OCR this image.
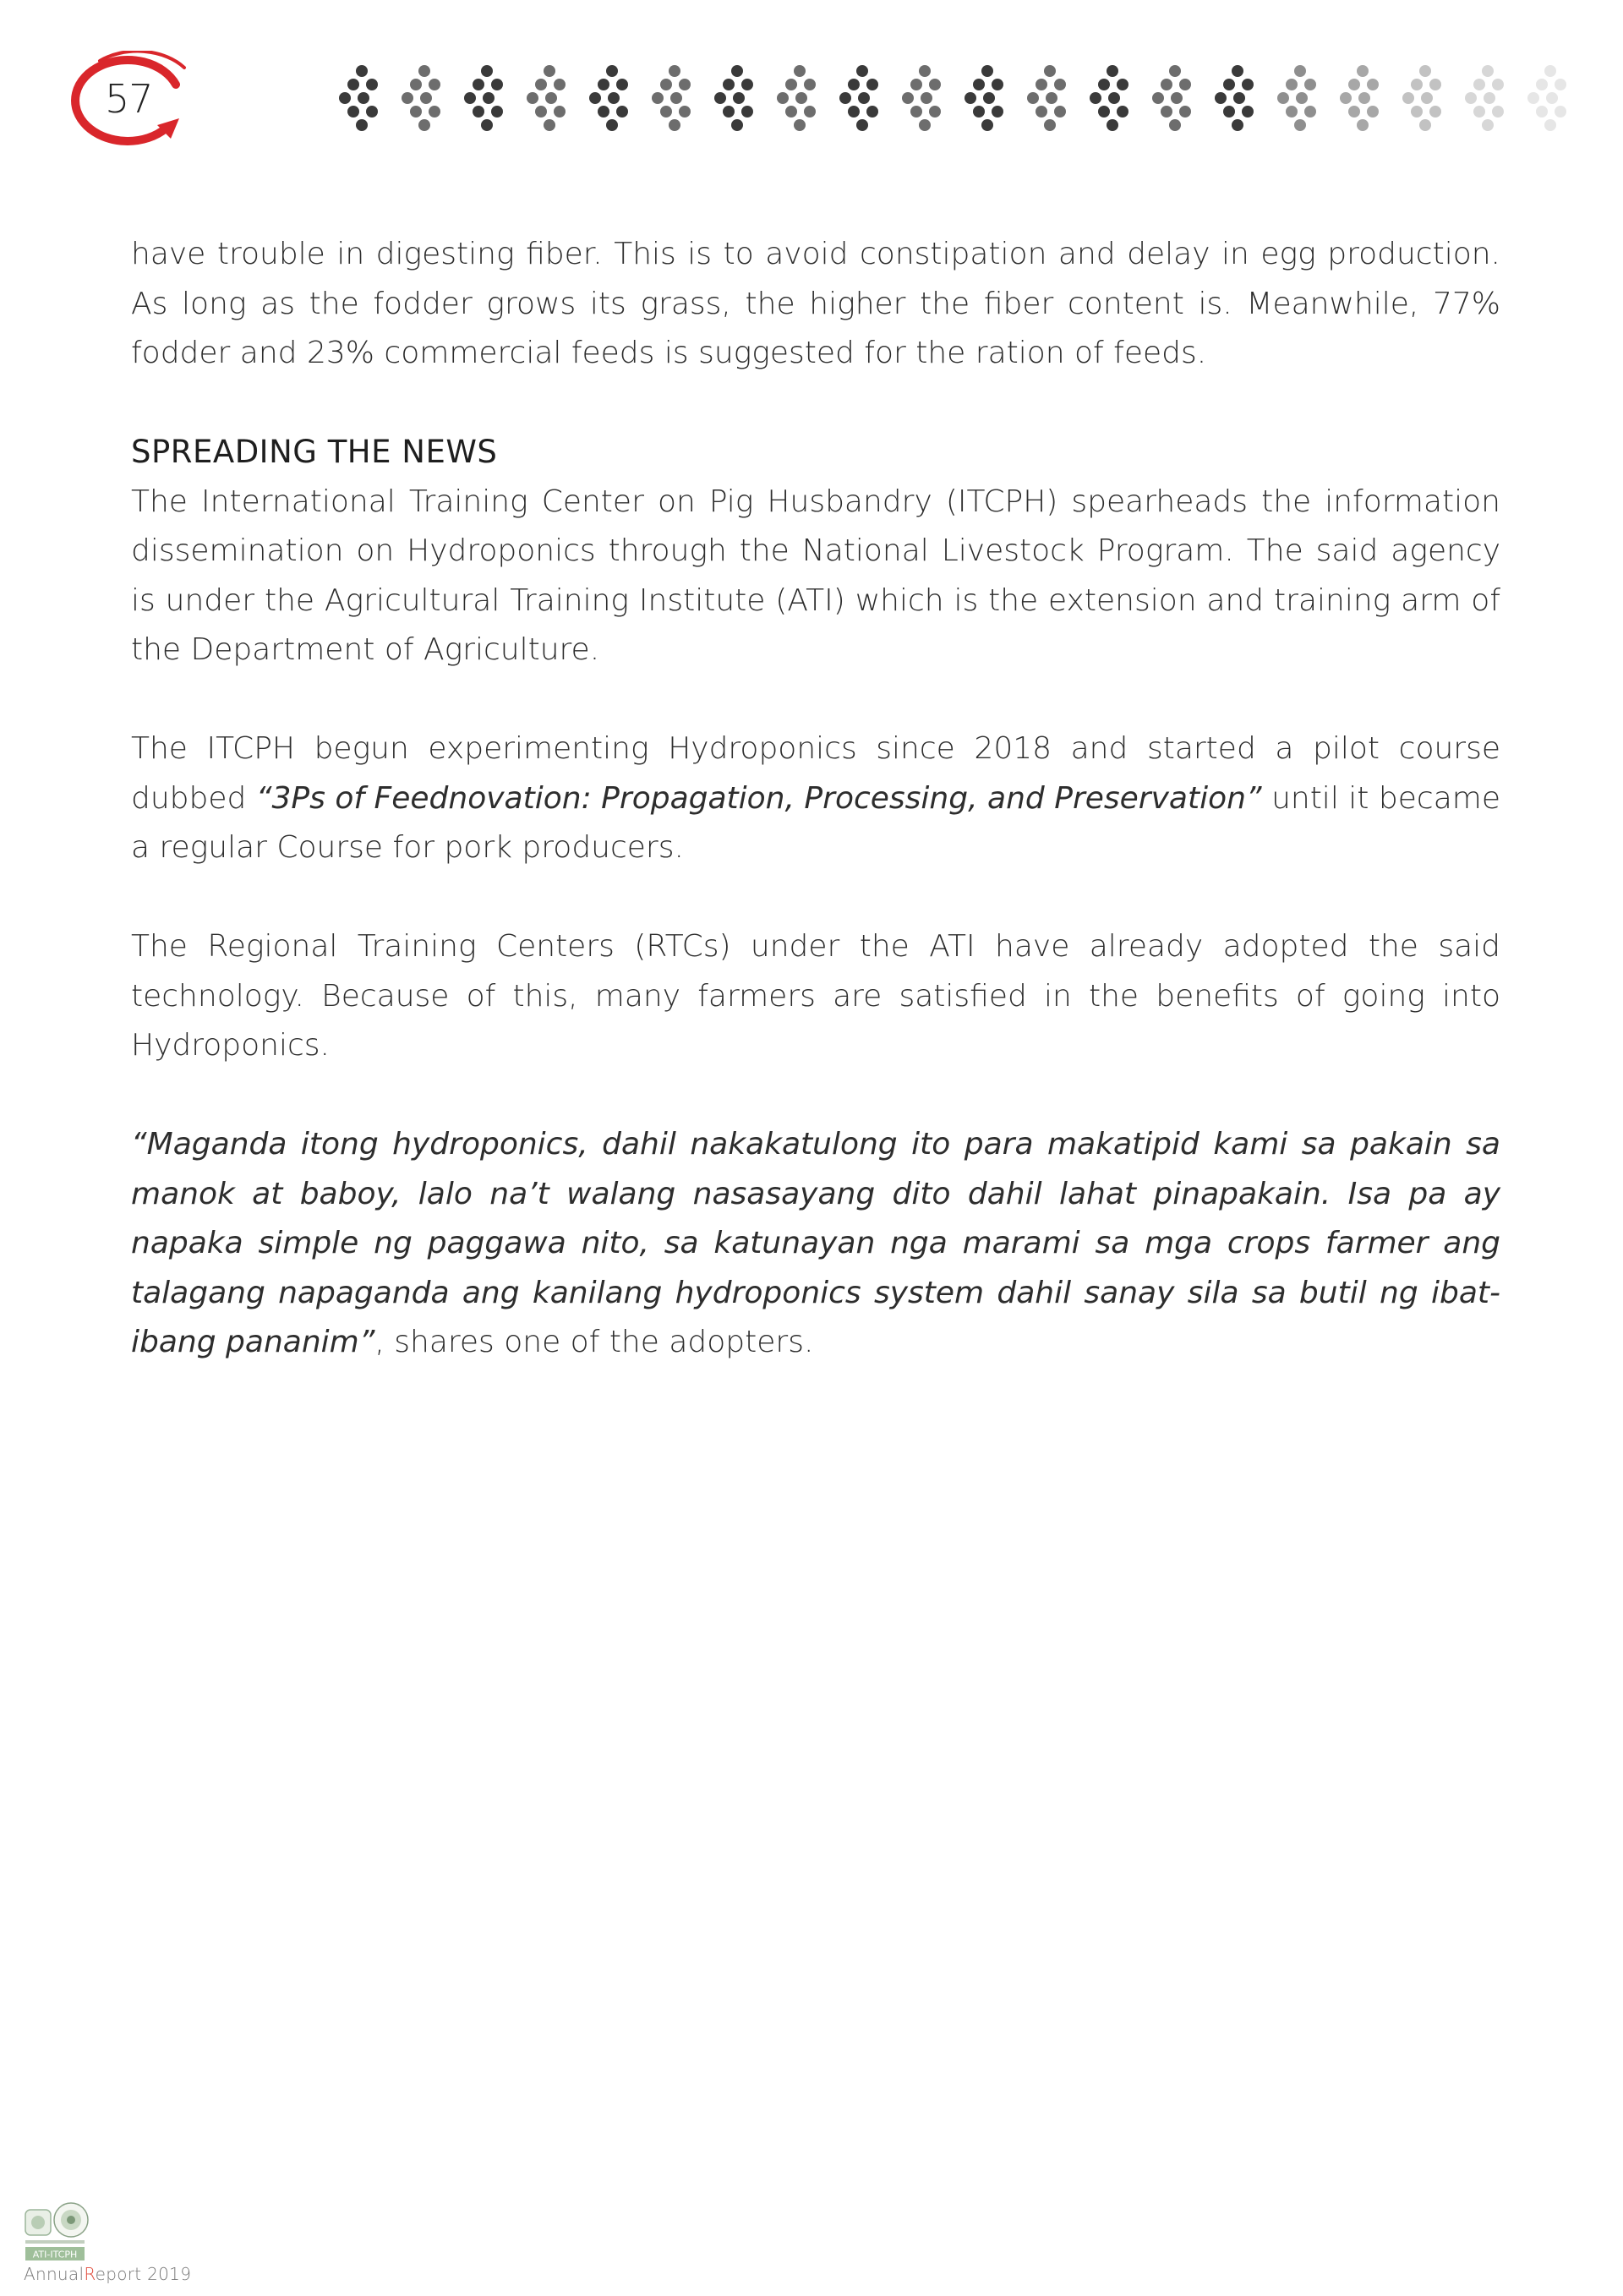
57

have trouble in digesting fiber. This is to avoid constipation and delay in egg production. As long as the fodder grows its grass, the higher the fiber content is. Meanwhile, 77% fodder and 23% commercial feeds is suggested for the ration of feeds.

SPREADING THE NEWS

The International Training Center on Pig Husbandry (ITCPH) spearheads the information dissemination on Hydroponics through the National Livestock Program. The said agency is under the Agricultural Training Institute (ATI) which is the extension and training arm of the Department of Agriculture.

The ITCPH begun experimenting Hydroponics since 2018 and started a pilot course dubbed “3Ps of Feednovation: Propagation, Processing, and Preservation” until it became a regular Course for pork producers.

The Regional Training Centers (RTCs) under the ATI have already adopted the said technology. Because of this, many farmers are satisfied in the benefits of going into Hydroponics.

“Maganda itong hydroponics, dahil nakakatulong ito para makatipid kami sa pakain sa manok at baboy, lalo na’t walang nasasayang dito dahil lahat pinapakain. Isa pa ay napaka simple ng paggawa nito, sa katunayan nga marami sa mga crops farmer ang talagang napaganda ang kanilang hydroponics system dahil sanay sila sa butil ng ibat-ibang pananim”, shares one of the adopters.

ATI-ITCPH
AnnualReport 2019
